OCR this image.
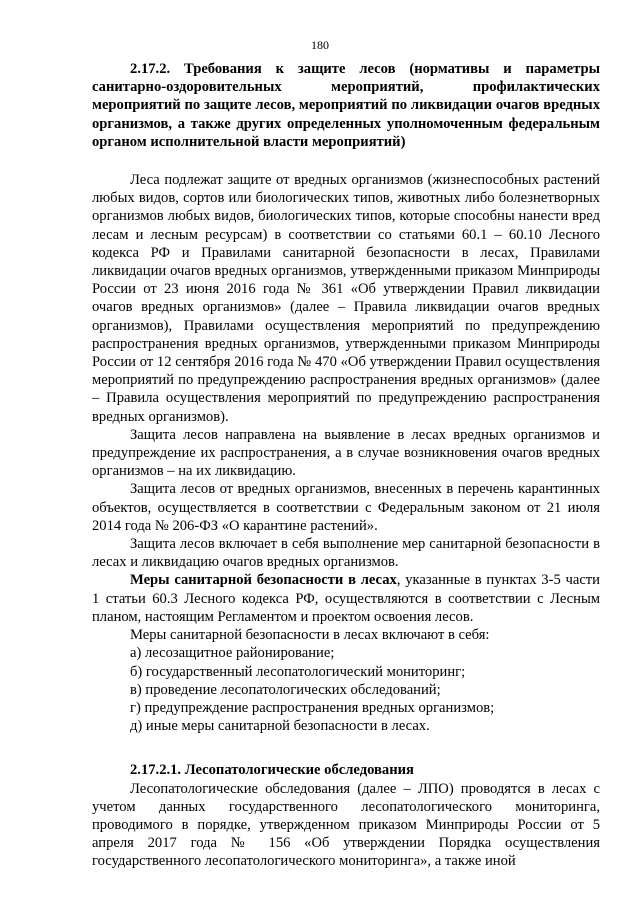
180

2.17.2. Требования к защите лесов (нормативы и параметры санитарно-оздоровительных мероприятий, профилактических мероприятий по защите лесов, мероприятий по ликвидации очагов вредных организмов, а также других определенных уполномоченным федеральным органом исполнительной власти мероприятий)

Леса подлежат защите от вредных организмов (жизнеспособных растений любых видов, сортов или биологических типов, животных либо болезнетворных организмов любых видов, биологических типов, которые способны нанести вред лесам и лесным ресурсам) в соответствии со статьями 60.1 – 60.10 Лесного кодекса РФ и Правилами санитарной безопасности в лесах, Правилами ликвидации очагов вредных организмов, утвержденными приказом Минприроды России от 23 июня 2016 года № 361 «Об утверждении Правил ликвидации очагов вредных организмов» (далее – Правила ликвидации очагов вредных организмов), Правилами осуществления мероприятий по предупреждению распространения вредных организмов, утвержденными приказом Минприроды России от 12 сентября 2016 года № 470 «Об утверждении Правил осуществления мероприятий по предупреждению распространения вредных организмов» (далее – Правила осуществления мероприятий по предупреждению распространения вредных организмов).

Защита лесов направлена на выявление в лесах вредных организмов и предупреждение их распространения, а в случае возникновения очагов вредных организмов – на их ликвидацию.

Защита лесов от вредных организмов, внесенных в перечень карантинных объектов, осуществляется в соответствии с Федеральным законом от 21 июля 2014 года № 206-ФЗ «О карантине растений».

Защита лесов включает в себя выполнение мер санитарной безопасности в лесах и ликвидацию очагов вредных организмов.

Меры санитарной безопасности в лесах, указанные в пунктах 3-5 части 1 статьи 60.3 Лесного кодекса РФ, осуществляются в соответствии с Лесным планом, настоящим Регламентом и проектом освоения лесов.

Меры санитарной безопасности в лесах включают в себя:

а) лесозащитное районирование;

б) государственный лесопатологический мониторинг;

в) проведение лесопатологических обследований;

г) предупреждение распространения вредных организмов;

д) иные меры санитарной безопасности в лесах.

2.17.2.1. Лесопатологические обследования

Лесопатологические обследования (далее – ЛПО) проводятся в лесах с учетом данных государственного лесопатологического мониторинга, проводимого в порядке, утвержденном приказом Минприроды России от 5 апреля 2017 года № 156 «Об утверждении Порядка осуществления государственного лесопатологического мониторинга», а также иной
